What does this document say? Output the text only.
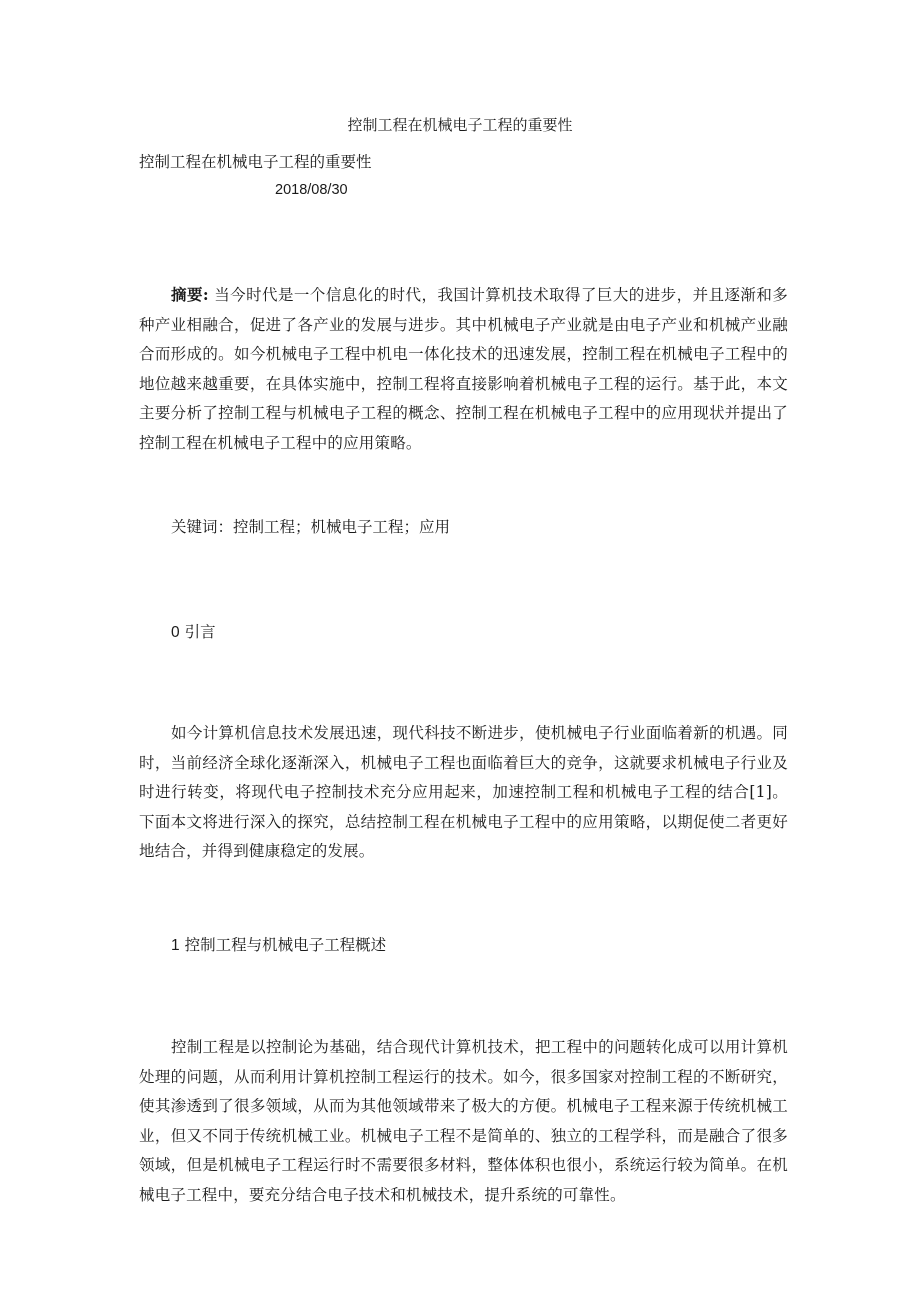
控制工程在机械电子工程的重要性
控制工程在机械电子工程的重要性
2018/08/30

摘要: 当今时代是一个信息化的时代，我国计算机技术取得了巨大的进步，并且逐渐和多种产业相融合，促进了各产业的发展与进步。其中机械电子产业就是由电子产业和机械产业融合而形成的。如今机械电子工程中机电一体化技术的迅速发展，控制工程在机械电子工程中的地位越来越重要，在具体实施中，控制工程将直接影响着机械电子工程的运行。基于此，本文主要分析了控制工程与机械电子工程的概念、控制工程在机械电子工程中的应用现状并提出了控制工程在机械电子工程中的应用策略。

关键词：控制工程；机械电子工程；应用
0 引言

如今计算机信息技术发展迅速，现代科技不断进步，使机械电子行业面临着新的机遇。同时，当前经济全球化逐渐深入，机械电子工程也面临着巨大的竞争，这就要求机械电子行业及时进行转变，将现代电子控制技术充分应用起来，加速控制工程和机械电子工程的结合[1]。下面本文将进行深入的探究，总结控制工程在机械电子工程中的应用策略，以期促使二者更好地结合，并得到健康稳定的发展。

1 控制工程与机械电子工程概述

控制工程是以控制论为基础，结合现代计算机技术，把工程中的问题转化成可以用计算机处理的问题，从而利用计算机控制工程运行的技术。如今，很多国家对控制工程的不断研究，使其渗透到了很多领域，从而为其他领域带来了极大的方便。机械电子工程来源于传统机械工业，但又不同于传统机械工业。机械电子工程不是简单的、独立的工程学科，而是融合了很多领域，但是机械电子工程运行时不需要很多材料，整体体积也很小，系统运行较为简单。在机械电子工程中，要充分结合电子技术和机械技术，提升系统的可靠性。
